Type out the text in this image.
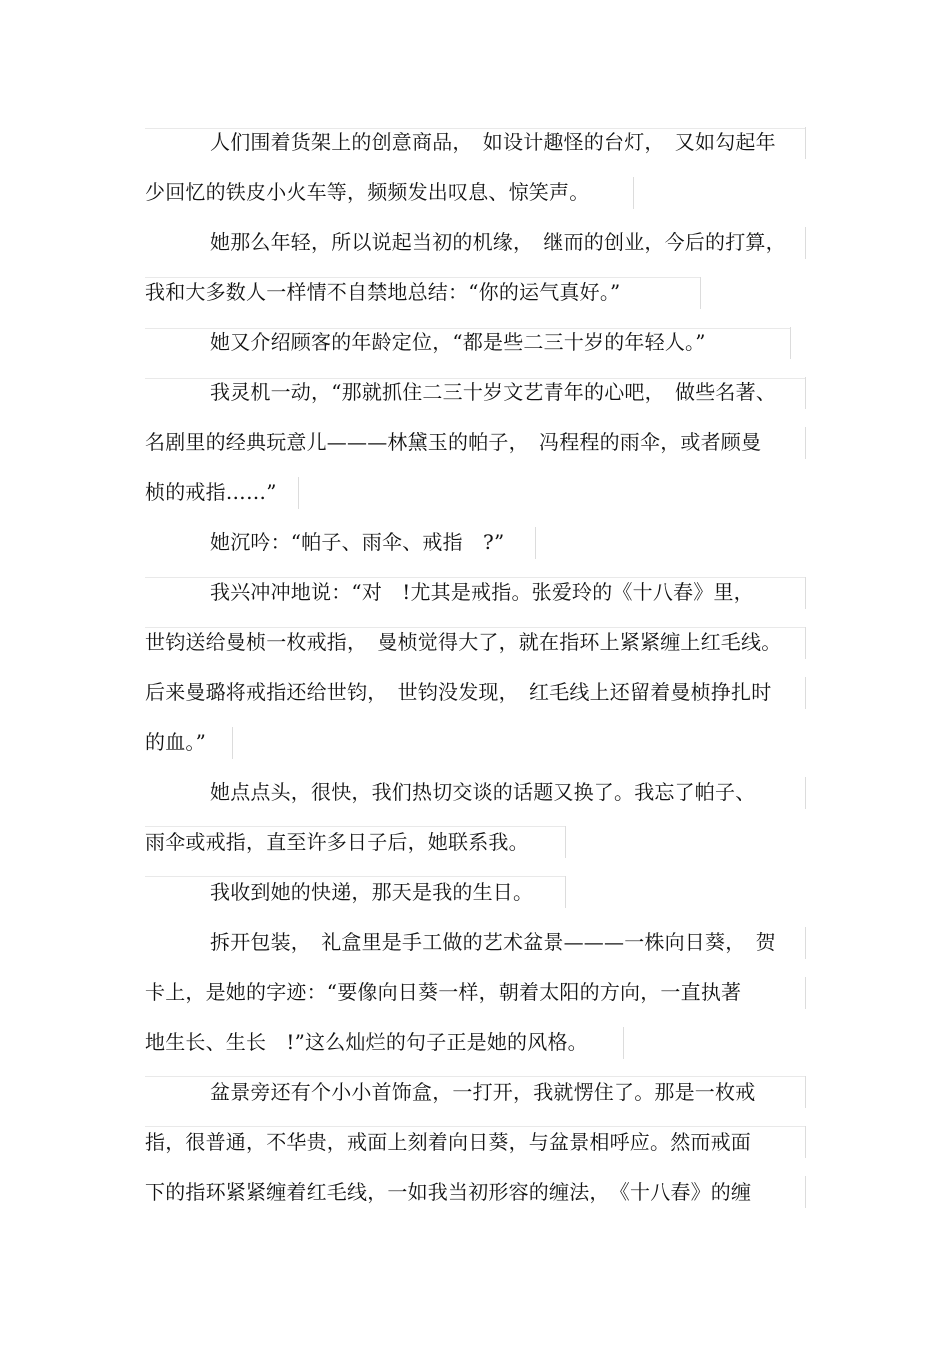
人们围着货架上的创意商品，　如设计趣怪的台灯，　又如勾起年
少回忆的铁皮小火车等，频频发出叹息、惊笑声。
她那么年轻，所以说起当初的机缘，　继而的创业，今后的打算，
我和大多数人一样情不自禁地总结：“你的运气真好。”
她又介绍顾客的年龄定位，“都是些二三十岁的年轻人。”
我灵机一动，“那就抓住二三十岁文艺青年的心吧，　做些名著、
名剧里的经典玩意儿———林黛玉的帕子，　冯程程的雨伞，或者顾曼
桢的戒指……”
她沉吟：“帕子、雨伞、戒指　?”
我兴冲冲地说：“对　!尤其是戒指。张爱玲的《十八春》里，
世钧送给曼桢一枚戒指，　曼桢觉得大了，就在指环上紧紧缠上红毛线。
后来曼璐将戒指还给世钧，　世钧没发现，　红毛线上还留着曼桢挣扎时
的血。”
她点点头，很快，我们热切交谈的话题又换了。我忘了帕子、
雨伞或戒指，直至许多日子后，她联系我。
我收到她的快递，那天是我的生日。
拆开包装，　礼盒里是手工做的艺术盆景———一株向日葵，　贺
卡上，是她的字迹：“要像向日葵一样，朝着太阳的方向，一直执著
地生长、生长　!”这么灿烂的句子正是她的风格。
盆景旁还有个小小首饰盒，一打开，我就愣住了。那是一枚戒
指，很普通，不华贵，戒面上刻着向日葵，与盆景相呼应。然而戒面
下的指环紧紧缠着红毛线，一如我当初形容的缠法，　《十八春》的缠
